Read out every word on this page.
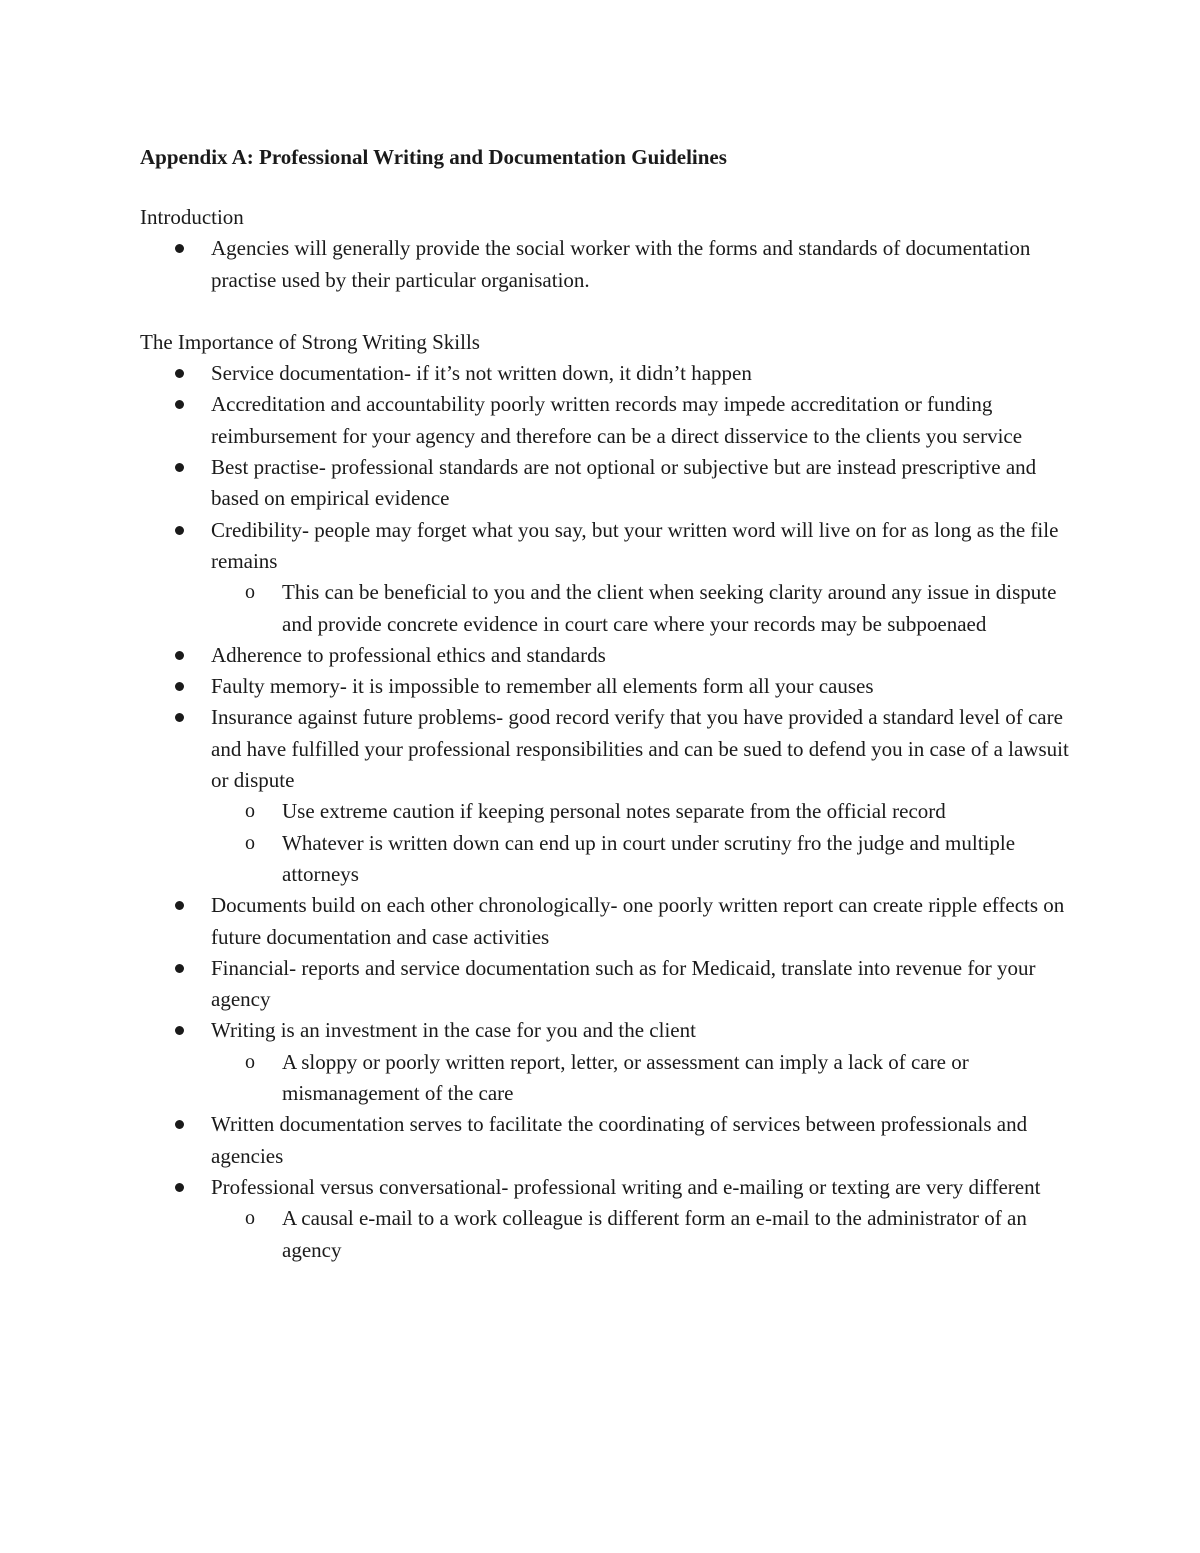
Appendix A: Professional Writing and Documentation Guidelines

Introduction

Agencies will generally provide the social worker with the forms and standards of documentation practise used by their particular organisation.

The Importance of Strong Writing Skills

Service documentation- if it’s not written down, it didn’t happen
Accreditation and accountability poorly written records may impede accreditation or funding reimbursement for your agency and therefore can be a direct disservice to the clients you service
Best practise- professional standards are not optional or subjective but are instead prescriptive and based on empirical evidence
Credibility- people may forget what you say, but your written word will live on for as long as the file remains
o This can be beneficial to you and the client when seeking clarity around any issue in dispute and provide concrete evidence in court care where your records may be subpoenaed
Adherence to professional ethics and standards
Faulty memory- it is impossible to remember all elements form all your causes
Insurance against future problems- good record verify that you have provided a standard level of care and have fulfilled your professional responsibilities and can be sued to defend you in case of a lawsuit or dispute
o Use extreme caution if keeping personal notes separate from the official record
o Whatever is written down can end up in court under scrutiny fro the judge and multiple attorneys
Documents build on each other chronologically- one poorly written report can create ripple effects on future documentation and case activities
Financial- reports and service documentation such as for Medicaid, translate into revenue for your agency
Writing is an investment in the case for you and the client
o A sloppy or poorly written report, letter, or assessment can imply a lack of care or mismanagement of the care
Written documentation serves to facilitate the coordinating of services between professionals and agencies
Professional versus conversational- professional writing and e-mailing or texting are very different
o A causal e-mail to a work colleague is different form an e-mail to the administrator of an agency
